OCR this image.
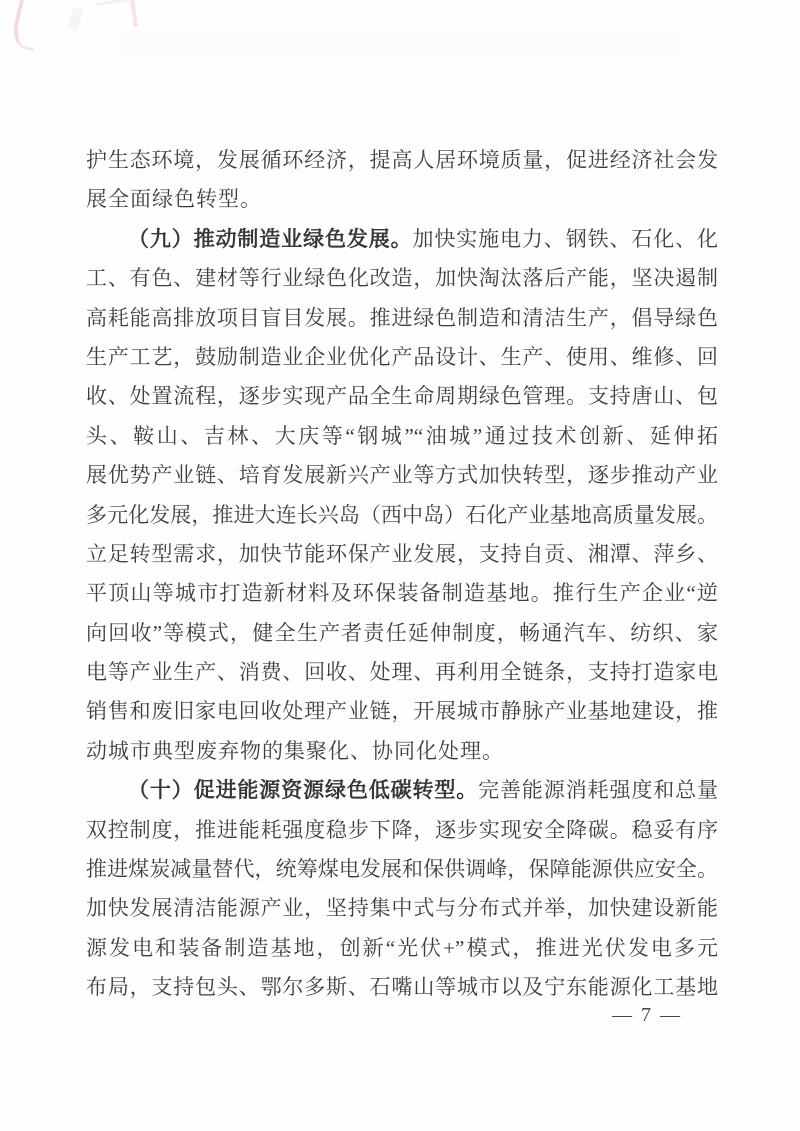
护生态环境，发展循环经济，提高人居环境质量，促进经济社会发
展全面绿色转型。
（九）推动制造业绿色发展。加快实施电力、钢铁、石化、化
工、有色、建材等行业绿色化改造，加快淘汰落后产能，坚决遏制
高耗能高排放项目盲目发展。推进绿色制造和清洁生产，倡导绿色
生产工艺，鼓励制造业企业优化产品设计、生产、使用、维修、回
收、处置流程，逐步实现产品全生命周期绿色管理。支持唐山、包
头、鞍山、吉林、大庆等“钢城”“油城”通过技术创新、延伸拓
展优势产业链、培育发展新兴产业等方式加快转型，逐步推动产业
多元化发展，推进大连长兴岛（西中岛）石化产业基地高质量发展。
立足转型需求，加快节能环保产业发展，支持自贡、湘潭、萍乡、
平顶山等城市打造新材料及环保装备制造基地。推行生产企业“逆
向回收”等模式，健全生产者责任延伸制度，畅通汽车、纺织、家
电等产业生产、消费、回收、处理、再利用全链条，支持打造家电
销售和废旧家电回收处理产业链，开展城市静脉产业基地建设，推
动城市典型废弃物的集聚化、协同化处理。
（十）促进能源资源绿色低碳转型。完善能源消耗强度和总量
双控制度，推进能耗强度稳步下降，逐步实现安全降碳。稳妥有序
推进煤炭减量替代，统筹煤电发展和保供调峰，保障能源供应安全。
加快发展清洁能源产业，坚持集中式与分布式并举，加快建设新能
源发电和装备制造基地，创新“光伏+”模式，推进光伏发电多元
布局，支持包头、鄂尔多斯、石嘴山等城市以及宁东能源化工基地
— 7 —
